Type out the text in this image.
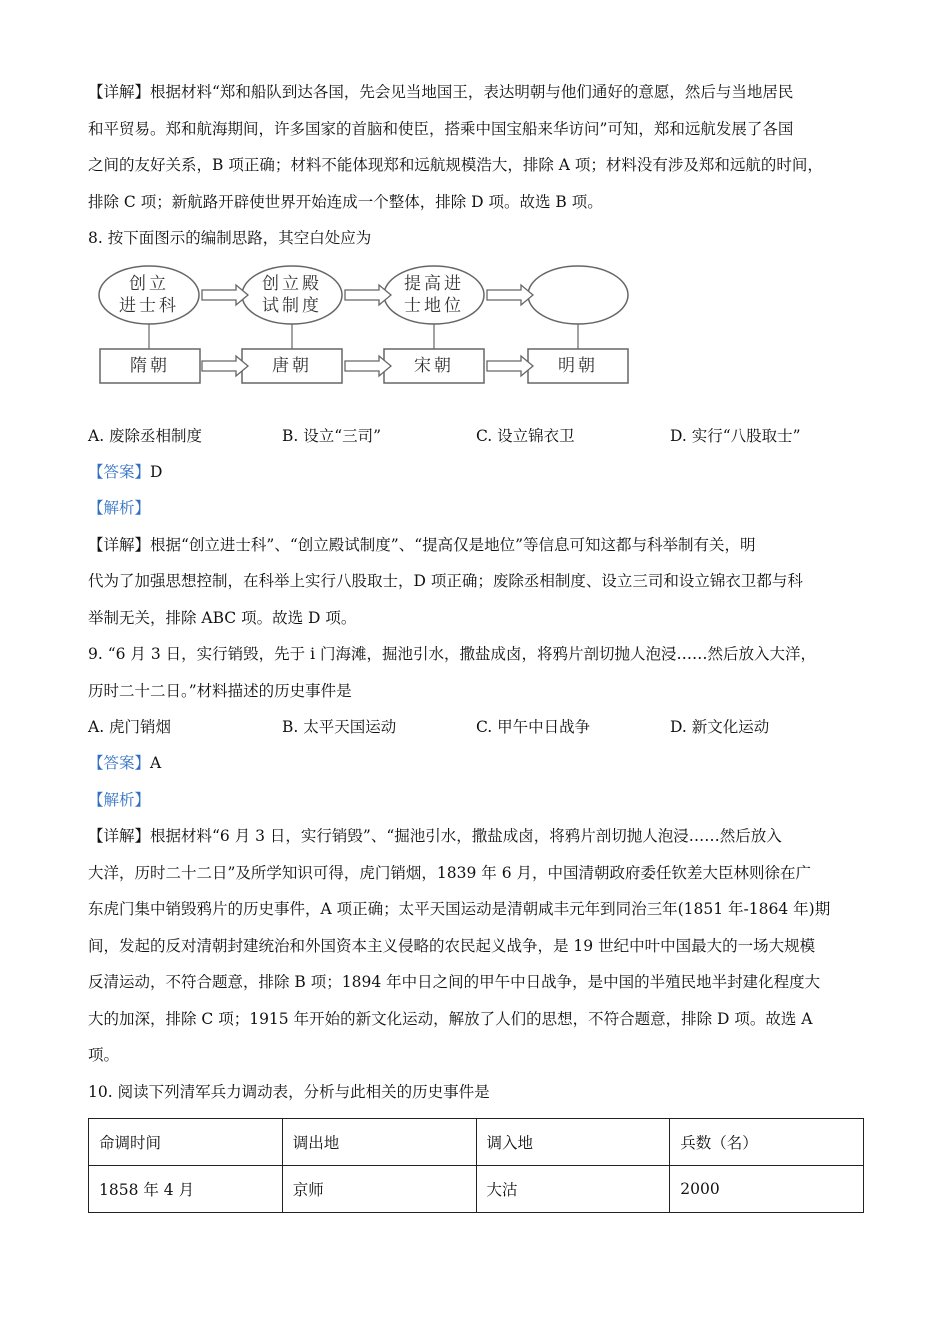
【详解】根据材料“郑和船队到达各国，先会见当地国王，表达明朝与他们通好的意愿，然后与当地居民
和平贸易。郑和航海期间，许多国家的首脑和使臣，搭乘中国宝船来华访问”可知，郑和远航发展了各国
之间的友好关系，B 项正确；材料不能体现郑和远航规模浩大，排除 A 项；材料没有涉及郑和远航的时间，
排除 C 项；新航路开辟使世界开始连成一个整体，排除 D 项。故选 B 项。
8. 按下面图示的编制思路，其空白处应为
创立
进士科
创立殿
试制度
提高进
士地位
隋朝	唐朝	宋朝	明朝
A. 废除丞相制度	B. 设立“三司”	C. 设立锦衣卫	D. 实行“八股取士”
【答案】D
【解析】
【详解】根据“创立进士科”、“创立殿试制度”、“提高仅是地位”等信息可知这都与科举制有关，明
代为了加强思想控制，在科举上实行八股取士，D 项正确；废除丞相制度、设立三司和设立锦衣卫都与科
举制无关，排除 ABC 项。故选 D 项。
9. “6 月 3 日，实行销毁，先于 i 门海滩，掘池引水，撒盐成卤，将鸦片剖切抛人泡浸……然后放入大洋，
历时二十二日。”材料描述的历史事件是
A. 虎门销烟	B. 太平天国运动	C. 甲午中日战争	D. 新文化运动
【答案】A
【解析】
【详解】根据材料“6 月 3 日，实行销毁”、“掘池引水，撒盐成卤，将鸦片剖切抛人泡浸……然后放入
大洋，历时二十二日”及所学知识可得，虎门销烟，1839 年 6 月，中国清朝政府委任钦差大臣林则徐在广
东虎门集中销毁鸦片的历史事件，A 项正确；太平天国运动是清朝咸丰元年到同治三年(1851 年-1864 年)期
间，发起的反对清朝封建统治和外国资本主义侵略的农民起义战争，是 19 世纪中叶中国最大的一场大规模
反清运动，不符合题意，排除 B 项；1894 年中日之间的甲午中日战争，是中国的半殖民地半封建化程度大
大的加深，排除 C 项；1915 年开始的新文化运动，解放了人们的思想，不符合题意，排除 D 项。故选 A
项。
10. 阅读下列清军兵力调动表，分析与此相关的历史事件是
命调时间	调出地	调入地	兵数（名）
1858 年 4 月	京师	大沽	2000
